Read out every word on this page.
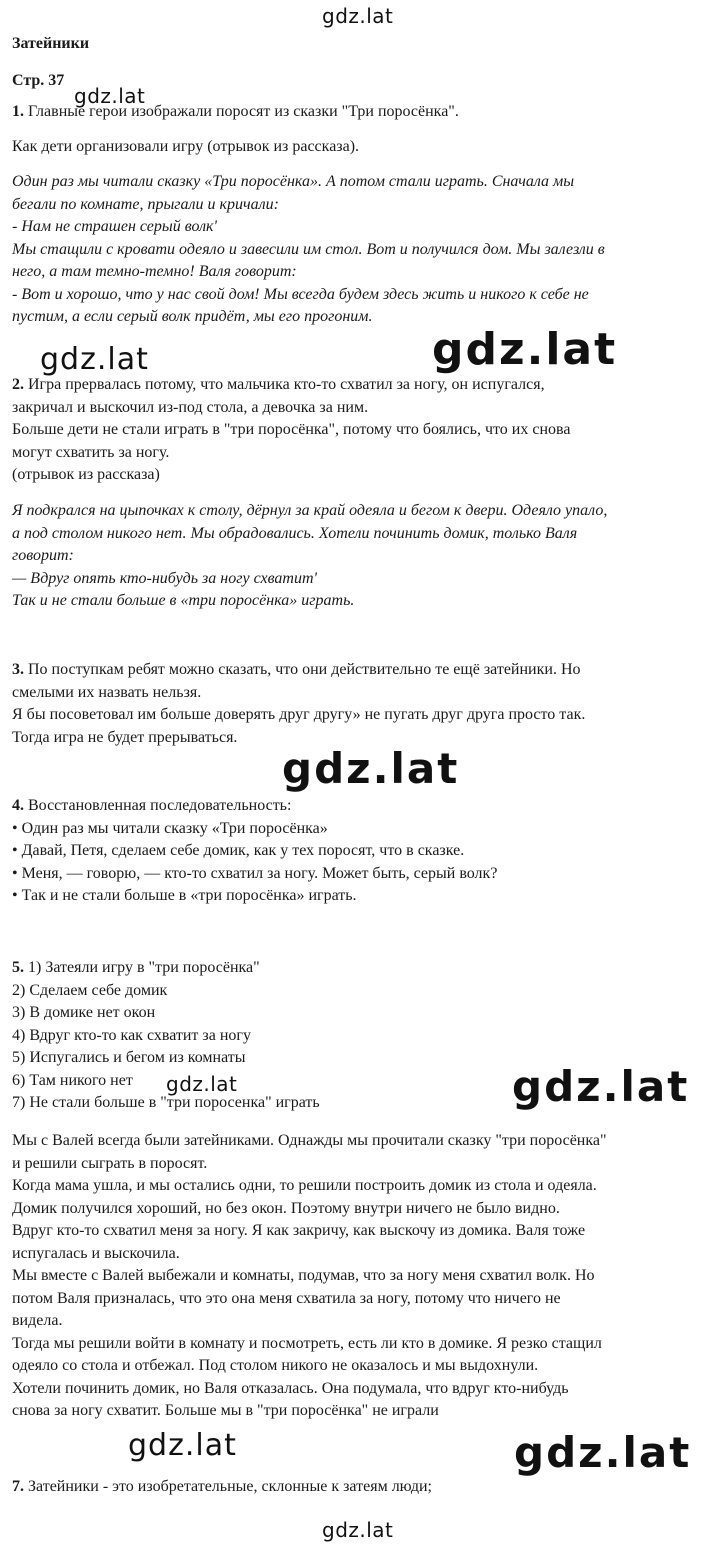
gdz.lat
gdz.lat
gdz.lat	gdz.lat
gdz.lat
gdz.lat	gdz.lat
gdz.lat	gdz.lat
gdz.lat

Затейники

Стр. 37

1. Главные герои изображали поросят из сказки "Три поросёнка".

Как дети организовали игру (отрывок из рассказа).

Один раз мы читали сказку «Три поросёнка». А потом стали играть. Сначала мы
бегали по комнате, прыгали и кричали:
- Нам не страшен серый волк'
Мы стащили с кровати одеяло и завесили им стол. Вот и получился дом. Мы залезли в
него, а там темно-темно! Валя говорит:
- Вот и хорошо, что у нас свой дом! Мы всегда будем здесь жить и никого к себе не
пустим, а если серый волк придёт, мы его прогоним.
2. Игра прервалась потому, что мальчика кто-то схватил за ногу, он испугался,
закричал и выскочил из-под стола, а девочка за ним.
Больше дети не стали играть в "три поросёнка", потому что боялись, что их снова
могут схватить за ногу.
(отрывок из рассказа)
Я подкрался на цыпочках к столу, дёрнул за край одеяла и бегом к двери. Одеяло упало,
а под столом никого нет. Мы обрадовались. Хотели починить домик, только Валя
говорит:
— Вдруг опять кто-нибудь за ногу схватит'
Так и не стали больше в «три поросёнка» играть.
3. По поступкам ребят можно сказать, что они действительно те ещё затейники. Но
смелыми их назвать нельзя.
Я бы посоветовал им больше доверять друг другу» не пугать друг друга просто так.
Тогда игра не будет прерываться.
4. Восстановленная последовательность:
• Один раз мы читали сказку «Три поросёнка»
• Давай, Петя, сделаем себе домик, как у тех поросят, что в сказке.
• Меня, — говорю, — кто-то схватил за ногу. Может быть, серый волк?
• Так и не стали больше в «три поросёнка» играть.
5. 1) Затеяли игру в "три поросёнка"
2) Сделаем себе домик
3) В домике нет окон
4) Вдруг кто-то как схватит за ногу
5) Испугались и бегом из комнаты
6) Там никого нет
7) Не стали больше в "три поросенка" играть
Мы с Валей всегда были затейниками. Однажды мы прочитали сказку "три поросёнка"
и решили сыграть в поросят.
Когда мама ушла, и мы остались одни, то решили построить домик из стола и одеяла.
Домик получился хороший, но без окон. Поэтому внутри ничего не было видно.
Вдруг кто-то схватил меня за ногу. Я как закричу, как выскочу из домика. Валя тоже
испугалась и выскочила.
Мы вместе с Валей выбежали и комнаты, подумав, что за ногу меня схватил волк. Но
потом Валя призналась, что это она меня схватила за ногу, потому что ничего не
видела.
Тогда мы решили войти в комнату и посмотреть, есть ли кто в домике. Я резко стащил
одеяло со стола и отбежал. Под столом никого не оказалось и мы выдохнули.
Хотели починить домик, но Валя отказалась. Она подумала, что вдруг кто-нибудь
снова за ногу схватит. Больше мы в "три поросёнка" не играли

7. Затейники - это изобретательные, склонные к затеям люди;
